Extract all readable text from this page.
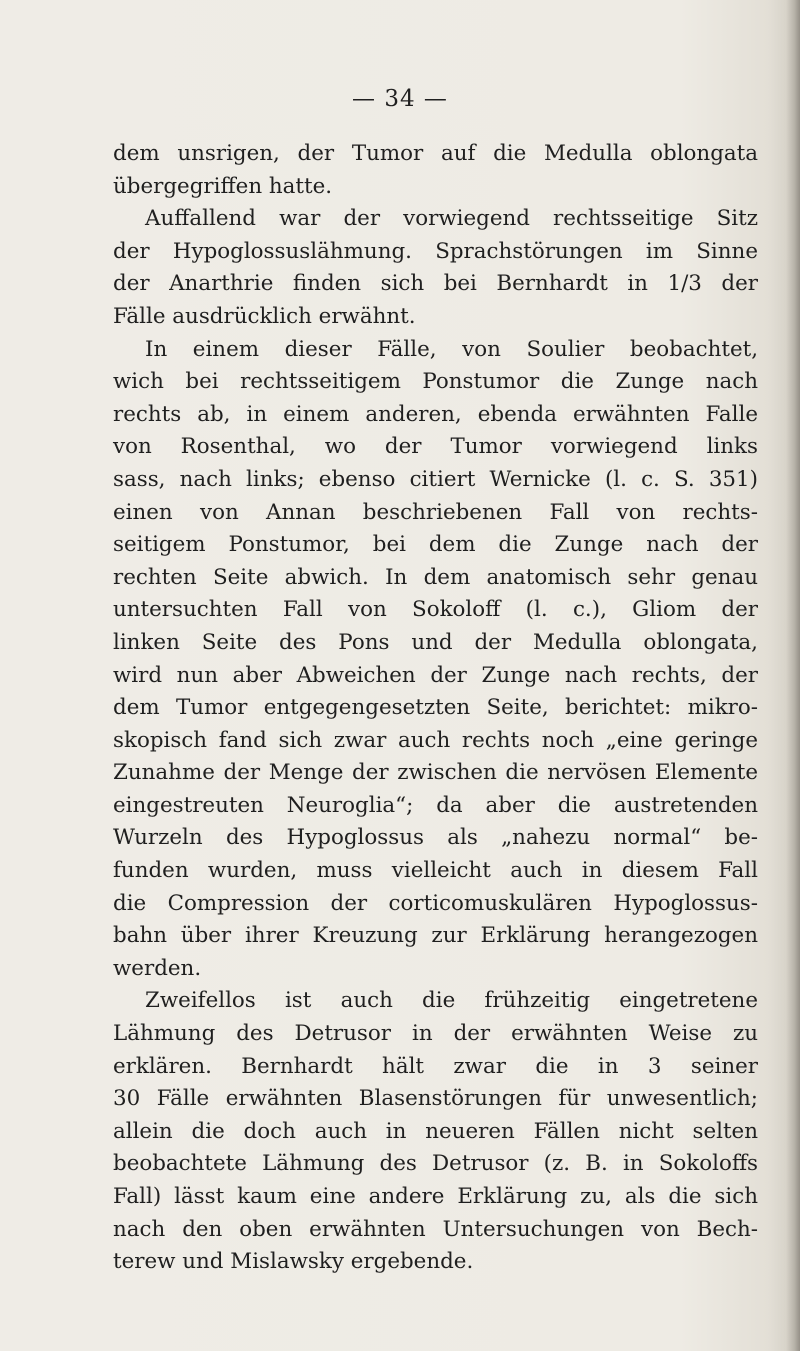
— 34 —
dem unsrigen, der Tumor auf die Medulla oblongata
übergegriffen hatte.
Auffallend war der vorwiegend rechtsseitige Sitz
der Hypoglossuslähmung. Sprachstörungen im Sinne
der Anarthrie finden sich bei Bernhardt in 1/3 der
Fälle ausdrücklich erwähnt.
In einem dieser Fälle, von Soulier beobachtet,
wich bei rechtsseitigem Ponstumor die Zunge nach
rechts ab, in einem anderen, ebenda erwähnten Falle
von Rosenthal, wo der Tumor vorwiegend links
sass, nach links; ebenso citiert Wernicke (l. c. S. 351)
einen von Annan beschriebenen Fall von rechts-
seitigem Ponstumor, bei dem die Zunge nach der
rechten Seite abwich. In dem anatomisch sehr genau
untersuchten Fall von Sokoloff (l. c.), Gliom der
linken Seite des Pons und der Medulla oblongata,
wird nun aber Abweichen der Zunge nach rechts, der
dem Tumor entgegengesetzten Seite, berichtet: mikro-
skopisch fand sich zwar auch rechts noch „eine geringe
Zunahme der Menge der zwischen die nervösen Elemente
eingestreuten Neuroglia“; da aber die austretenden
Wurzeln des Hypoglossus als „nahezu normal“ be-
funden wurden, muss vielleicht auch in diesem Fall
die Compression der corticomuskulären Hypoglossus-
bahn über ihrer Kreuzung zur Erklärung herangezogen
werden.
Zweifellos ist auch die frühzeitig eingetretene
Lähmung des Detrusor in der erwähnten Weise zu
erklären. Bernhardt hält zwar die in 3 seiner
30 Fälle erwähnten Blasenstörungen für unwesentlich;
allein die doch auch in neueren Fällen nicht selten
beobachtete Lähmung des Detrusor (z. B. in Sokoloffs
Fall) lässt kaum eine andere Erklärung zu, als die sich
nach den oben erwähnten Untersuchungen von Bech-
terew und Mislawsky ergebende.
